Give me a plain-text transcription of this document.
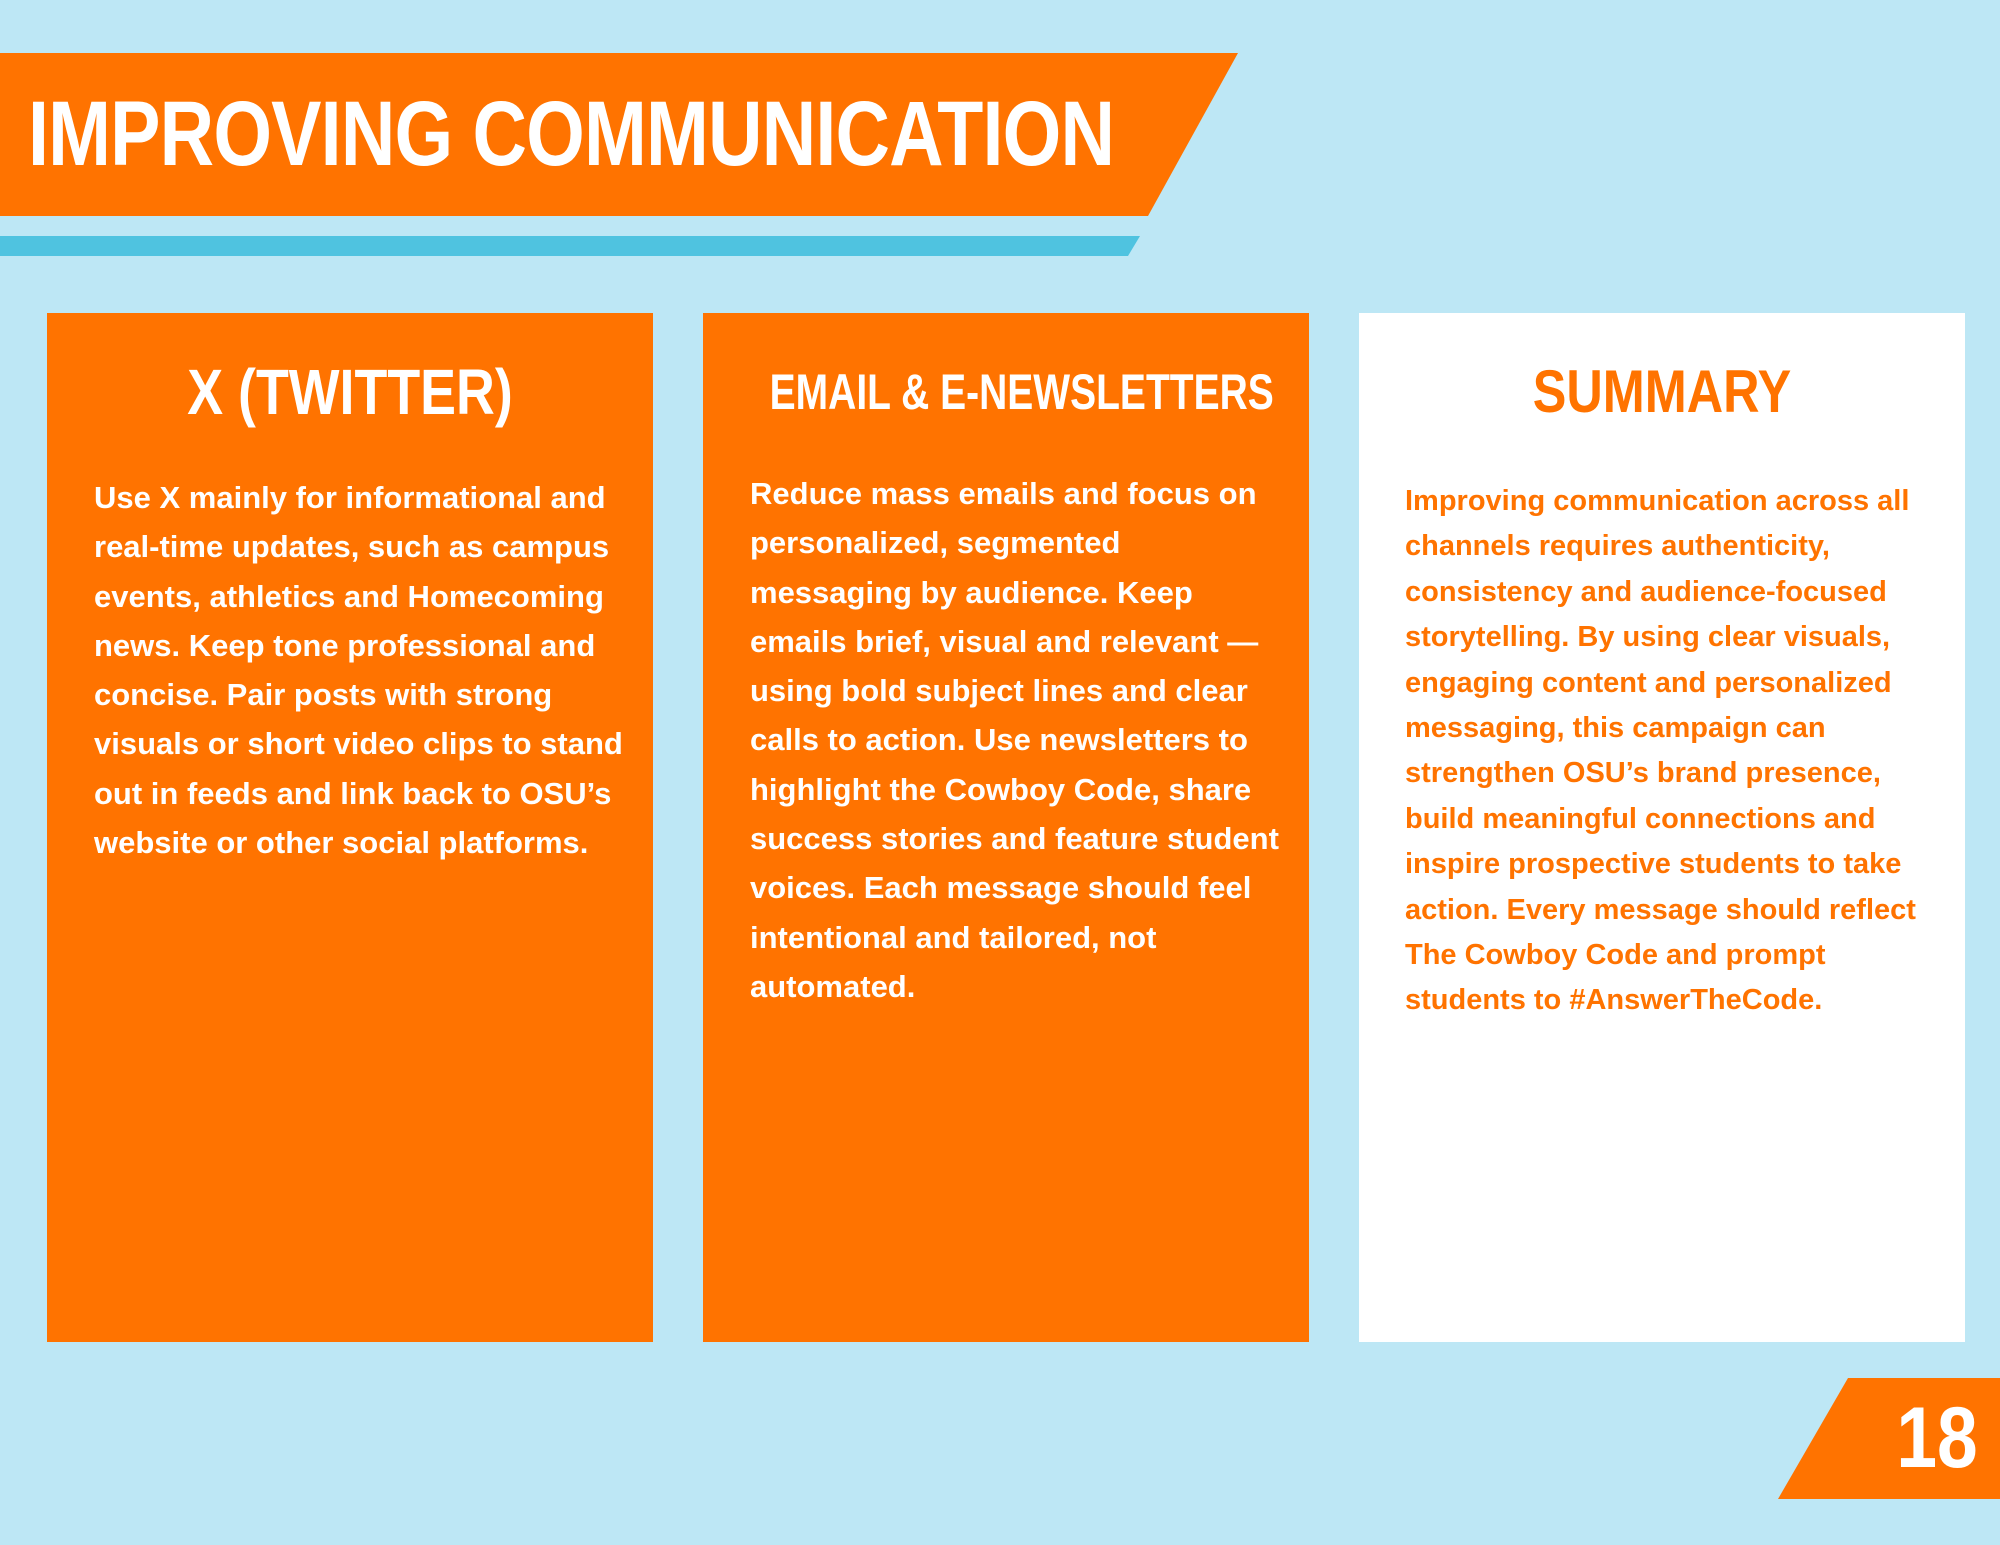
IMPROVING COMMUNICATION
X (TWITTER)

Use X mainly for informational and real-time updates, such as campus events, athletics and Homecoming news. Keep tone professional and concise. Pair posts with strong visuals or short video clips to stand out in feeds and link back to OSU’s website or other social platforms.

EMAIL & E-NEWSLETTERS

Reduce mass emails and focus on personalized, segmented messaging by audience. Keep emails brief, visual and relevant — using bold subject lines and clear calls to action. Use newsletters to highlight the Cowboy Code, share success stories and feature student voices. Each message should feel intentional and tailored, not automated.

SUMMARY

Improving communication across all channels requires authenticity, consistency and audience-focused storytelling. By using clear visuals, engaging content and personalized messaging, this campaign can strengthen OSU’s brand presence, build meaningful connections and inspire prospective students to take action. Every message should reflect The Cowboy Code and prompt students to #AnswerTheCode.

18
